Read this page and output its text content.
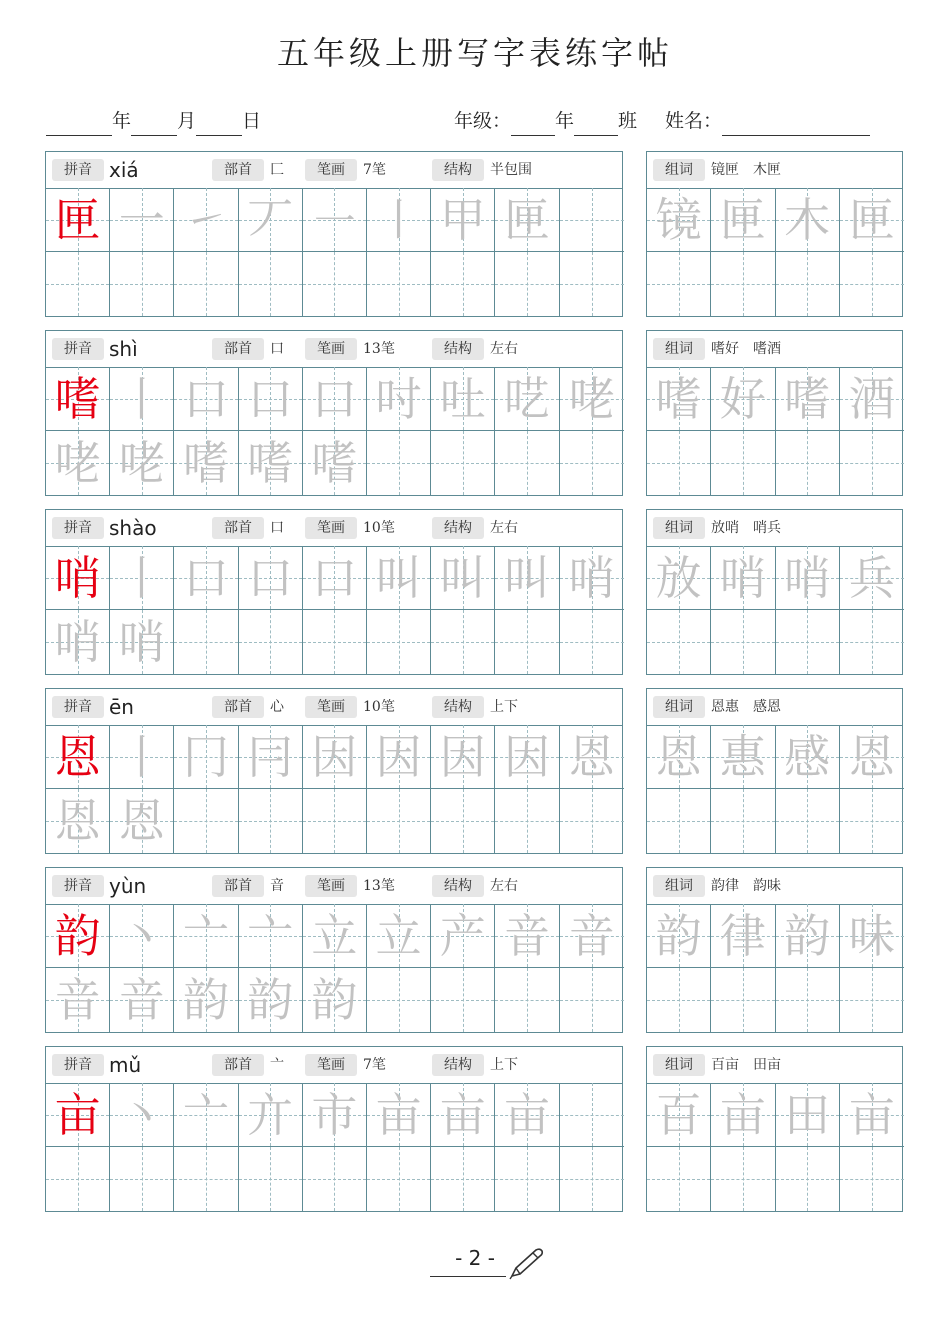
五年级上册写字表练字帖
年 月 日	年级： 年 班 姓名：
拼音 xiá	部首	匚	笔画	7笔	结构	半包围
匣 一 ㇀ 丆 ㇐ ㇑ 甲 匣
组词	镜匣　木匣
镜 匣 木 匣
拼音 shì	部首	口	笔画	13笔	结构	左右
嗜 丨 口 口 口 吋 吐 呓 咾
咾 咾 嗜 嗜 嗜
组词	嗜好　嗜酒
嗜 好 嗜 酒
拼音 shào	部首	口	笔画	10笔	结构	左右
哨 丨 口 口 口 叫 叫 叫 哨
哨 哨
组词	放哨　哨兵
放 哨 哨 兵
拼音 ēn	部首	心	笔画	10笔	结构	上下
恩 丨 冂 冃 因 因 因 因 恩
恩 恩
组词	恩惠　感恩
恩 惠 感 恩
拼音 yùn	部首	音	笔画	13笔	结构	左右
韵 丶 亠 亠 立 立 产 音 音
音 音 韵 韵 韵
组词	韵律　韵味
韵 律 韵 味
拼音 mǔ	部首	亠	笔画	7笔	结构	上下
亩 丶 亠 亣 市 亩 亩 亩
组词	百亩　田亩
百 亩 田 亩
- 2 -
